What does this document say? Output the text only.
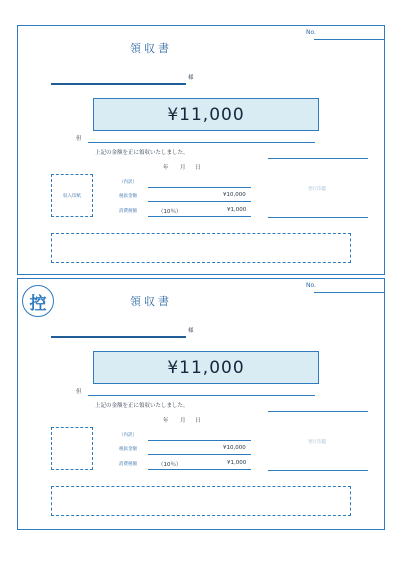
No.
領収書
様
¥11,000
但
上記の金額を正に領収いたしました。
年 月 日
収入印紙
（内訳）
税抜金額	¥10,000
消費税額	（10％）	¥1,000
発行印鑑
控
No.
領収書
様
¥11,000
但
上記の金額を正に領収いたしました。
年 月 日
（内訳）
税抜金額	¥10,000
消費税額	（10％）	¥1,000
発行印鑑
